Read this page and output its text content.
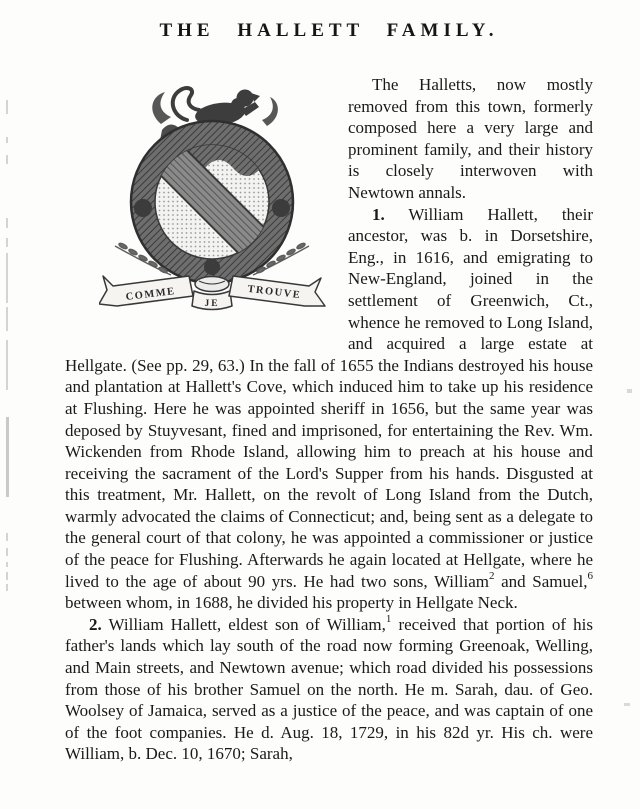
THE HALLETT FAMILY.
COMME
JE
TROUVE

The Halletts, now mostly removed from this town, formerly composed here a very large and prominent family, and their history is closely interwoven with Newtown annals.

1. William Hallett, their ancestor, was b. in Dorsetshire, Eng., in 1616, and emigrating to New-England, joined in the settlement of Greenwich, Ct., whence he removed to Long Island, and acquired a large estate at Hellgate. (See pp. 29, 63.) In the fall of 1655 the Indians destroyed his house and plantation at Hallett's Cove, which induced him to take up his residence at Flushing. Here he was appointed sheriff in 1656, but the same year was deposed by Stuyvesant, fined and imprisoned, for entertaining the Rev. Wm. Wickenden from Rhode Island, allowing him to preach at his house and receiving the sacrament of the Lord's Supper from his hands. Disgusted at this treatment, Mr. Hallett, on the revolt of Long Island from the Dutch, warmly advocated the claims of Connecticut; and, being sent as a delegate to the general court of that colony, he was appointed a commissioner or justice of the peace for Flushing. Afterwards he again located at Hellgate, where he lived to the age of about 90 yrs. He had two sons, William$^2$ and Samuel,$^6$ between whom, in 1688, he divided his property in Hellgate Neck.

2. William Hallett, eldest son of William,$^1$ received that portion of his father's lands which lay south of the road now forming Greenoak, Welling, and Main streets, and Newtown avenue; which road divided his possessions from those of his brother Samuel on the north. He m. Sarah, dau. of Geo. Woolsey of Jamaica, served as a justice of the peace, and was captain of one of the foot companies. He d. Aug. 18, 1729, in his 82d yr. His ch. were William, b. Dec. 10, 1670; Sarah,
